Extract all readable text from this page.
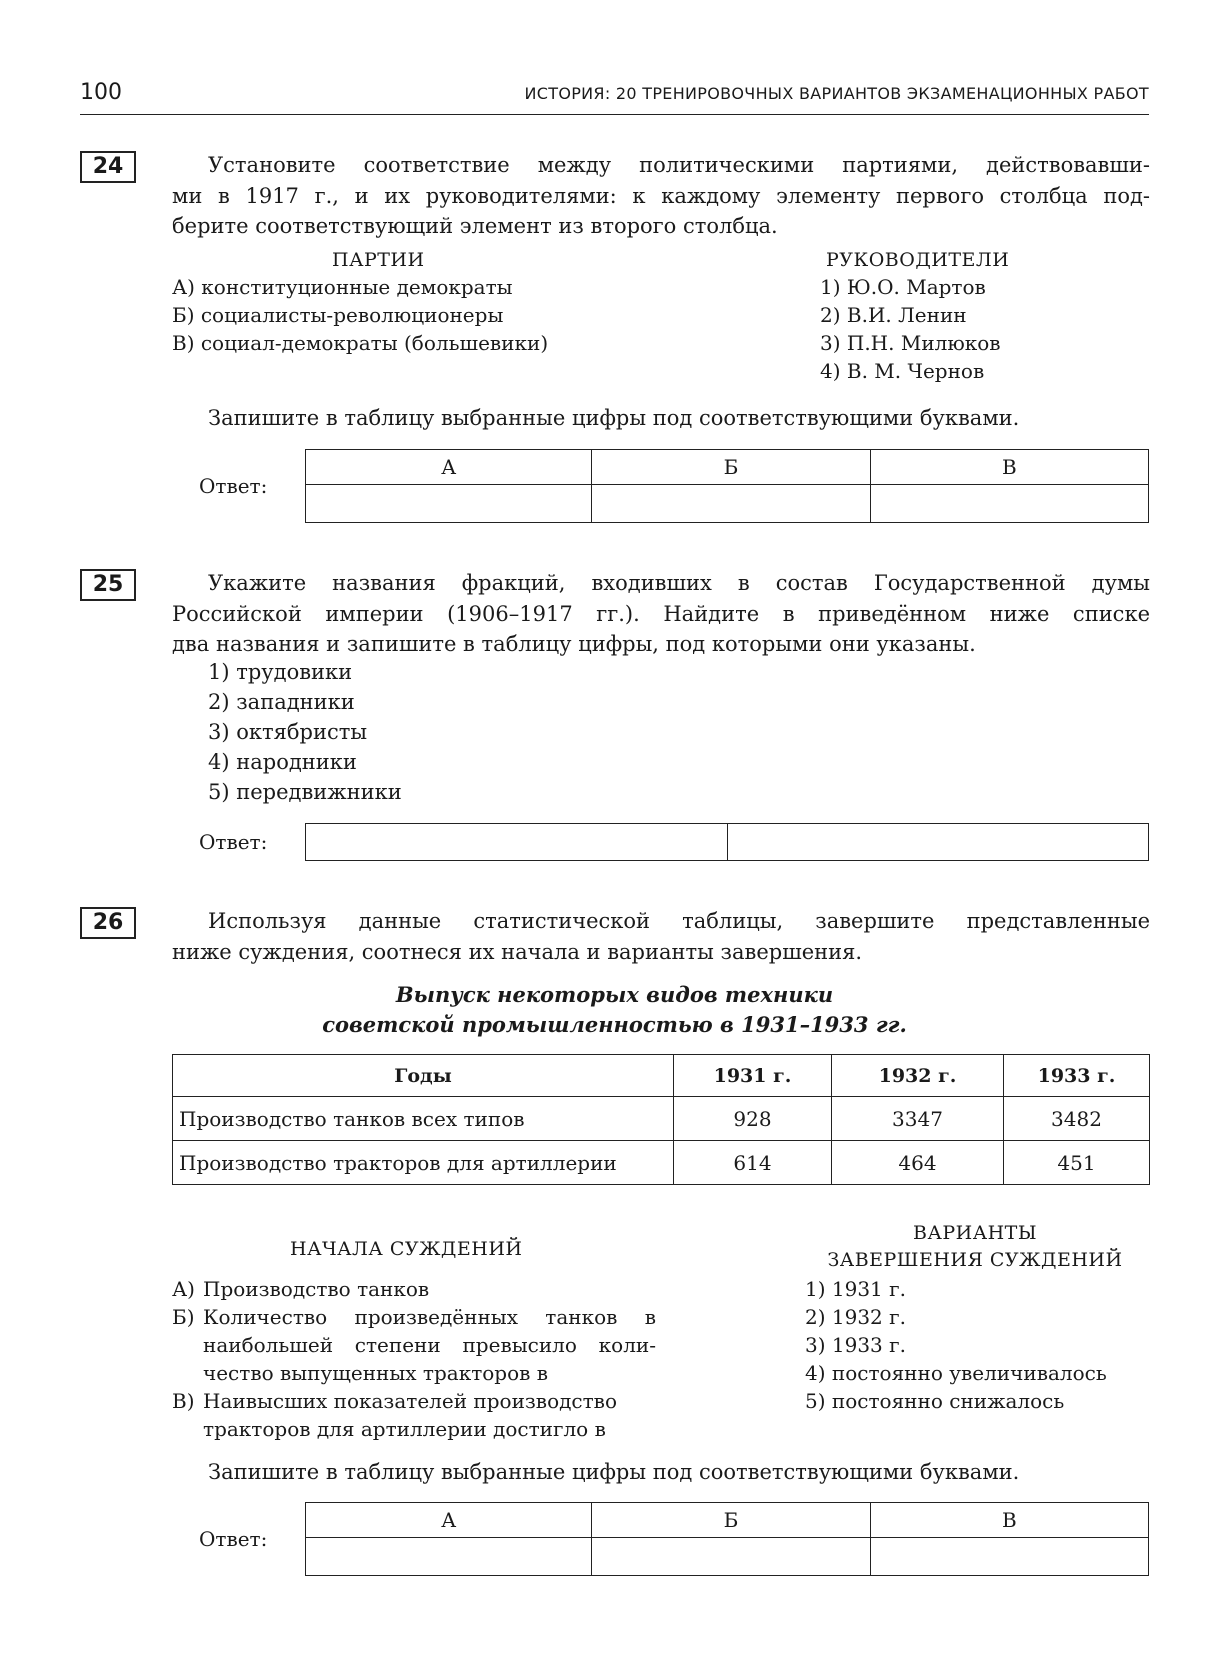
100	ИСТОРИЯ: 20 ТРЕНИРОВОЧНЫХ ВАРИАНТОВ ЭКЗАМЕНАЦИОННЫХ РАБОТ
24	Установите соответствие между политическими партиями, действовавши-
ми в 1917 г., и их руководителями: к каждому элементу первого столбца под-
берите соответствующий элемент из второго столбца.
ПАРТИИ	РУКОВОДИТЕЛИ
А) конституционные демократы
Б) социалисты-революционеры
В) социал-демократы (большевики)
1) Ю.О. Мартов
2) В.И. Ленин
3) П.Н. Милюков
4) В. М. Чернов
Запишите в таблицу выбранные цифры под соответствующими буквами.
Ответ:
А	Б	В

25	Укажите названия фракций, входивших в состав Государственной думы
Российской империи (1906–1917 гг.). Найдите в приведённом ниже списке
два названия и запишите в таблицу цифры, под которыми они указаны.
1) трудовики
2) западники
3) октябристы
4) народники
5) передвижники
Ответ:

26	Используя данные статистической таблицы, завершите представленные
ниже суждения, соотнеся их начала и варианты завершения.
Выпуск некоторых видов техники
советской промышленностью в 1931–1933 гг.
Годы	1931 г.	1932 г.	1933 г.
Производство танков всех типов	928	3347	3482
Производство тракторов для артиллерии	614	464	451
НАЧАЛА СУЖДЕНИЙ
ВАРИАНТЫ
ЗАВЕРШЕНИЯ СУЖДЕНИЙ
А) Производство танков
Б) Количество произведённых танков в
наибольшей степени превысило коли-
чество выпущенных тракторов в
В) Наивысших показателей производство
тракторов для артиллерии достигло в
1) 1931 г.
2) 1932 г.
3) 1933 г.
4) постоянно увеличивалось
5) постоянно снижалось
Запишите в таблицу выбранные цифры под соответствующими буквами.
Ответ:
А	Б	В
